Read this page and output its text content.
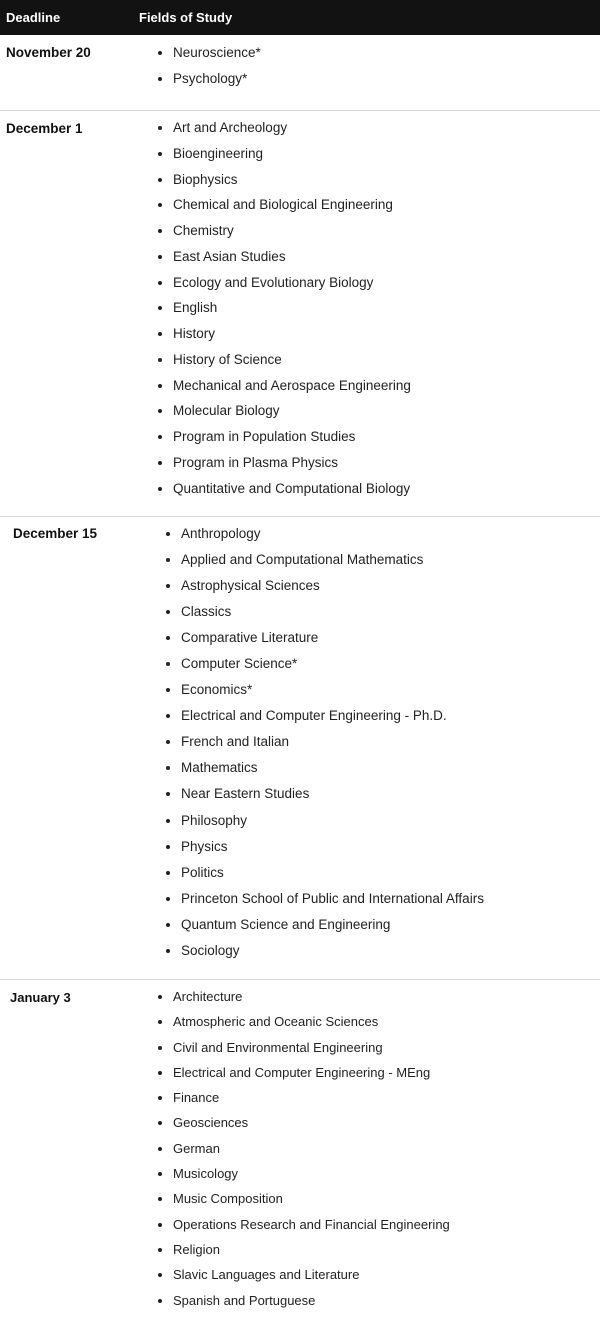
Deadline	Fields of Study
November 20	Neuroscience*
Psychology*
December 1	Art and Archeology
Bioengineering
Biophysics
Chemical and Biological Engineering
Chemistry
East Asian Studies
Ecology and Evolutionary Biology
English
History
History of Science
Mechanical and Aerospace Engineering
Molecular Biology
Program in Population Studies
Program in Plasma Physics
Quantitative and Computational Biology
December 15	Anthropology
Applied and Computational Mathematics
Astrophysical Sciences
Classics
Comparative Literature
Computer Science*
Economics*
Electrical and Computer Engineering - Ph.D.
French and Italian
Mathematics
Near Eastern Studies
Philosophy
Physics
Politics
Princeton School of Public and International Affairs
Quantum Science and Engineering
Sociology
January 3	Architecture
Atmospheric and Oceanic Sciences
Civil and Environmental Engineering
Electrical and Computer Engineering - MEng
Finance
Geosciences
German
Musicology
Music Composition
Operations Research and Financial Engineering
Religion
Slavic Languages and Literature
Spanish and Portuguese
